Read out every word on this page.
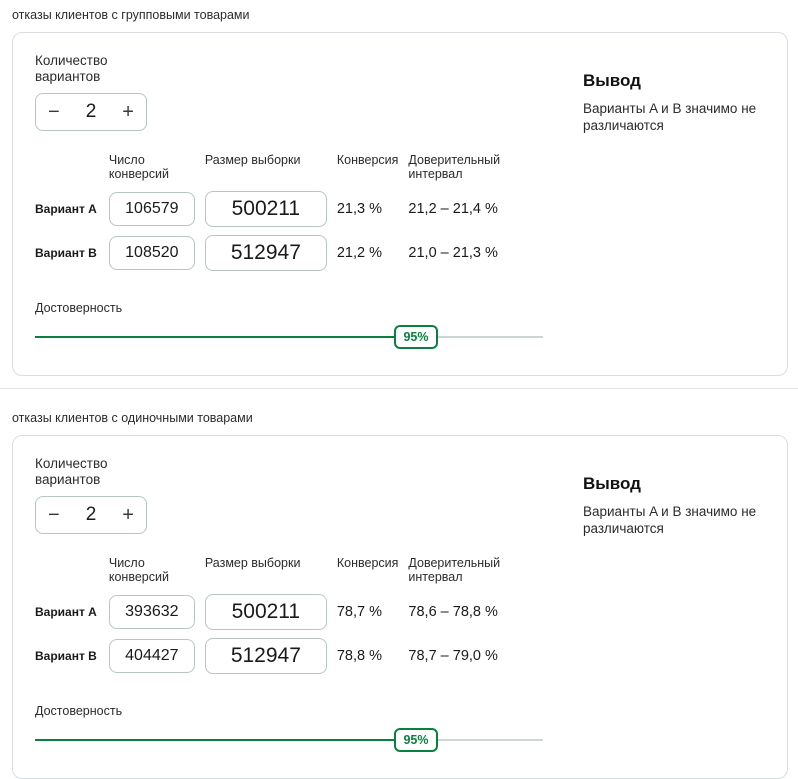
отказы клиентов с групповыми товарами
Количество
вариантов
− 2 +
	Число
конверсий	Размер выборки	Конверсия	Доверительный
интервал
Вариант А	106579	500211	21,3 %	21,2 – 21,4 %
Вариант B	108520	512947	21,2 %	21,0 – 21,3 %
Достоверность
95%
Вывод
Варианты A и B значимо не различаются
отказы клиентов с одиночными товарами
Количество
вариантов
− 2 +
	Число
конверсий	Размер выборки	Конверсия	Доверительный
интервал
Вариант А	393632	500211	78,7 %	78,6 – 78,8 %
Вариант B	404427	512947	78,8 %	78,7 – 79,0 %
Достоверность
95%
Вывод
Варианты A и B значимо не различаются
